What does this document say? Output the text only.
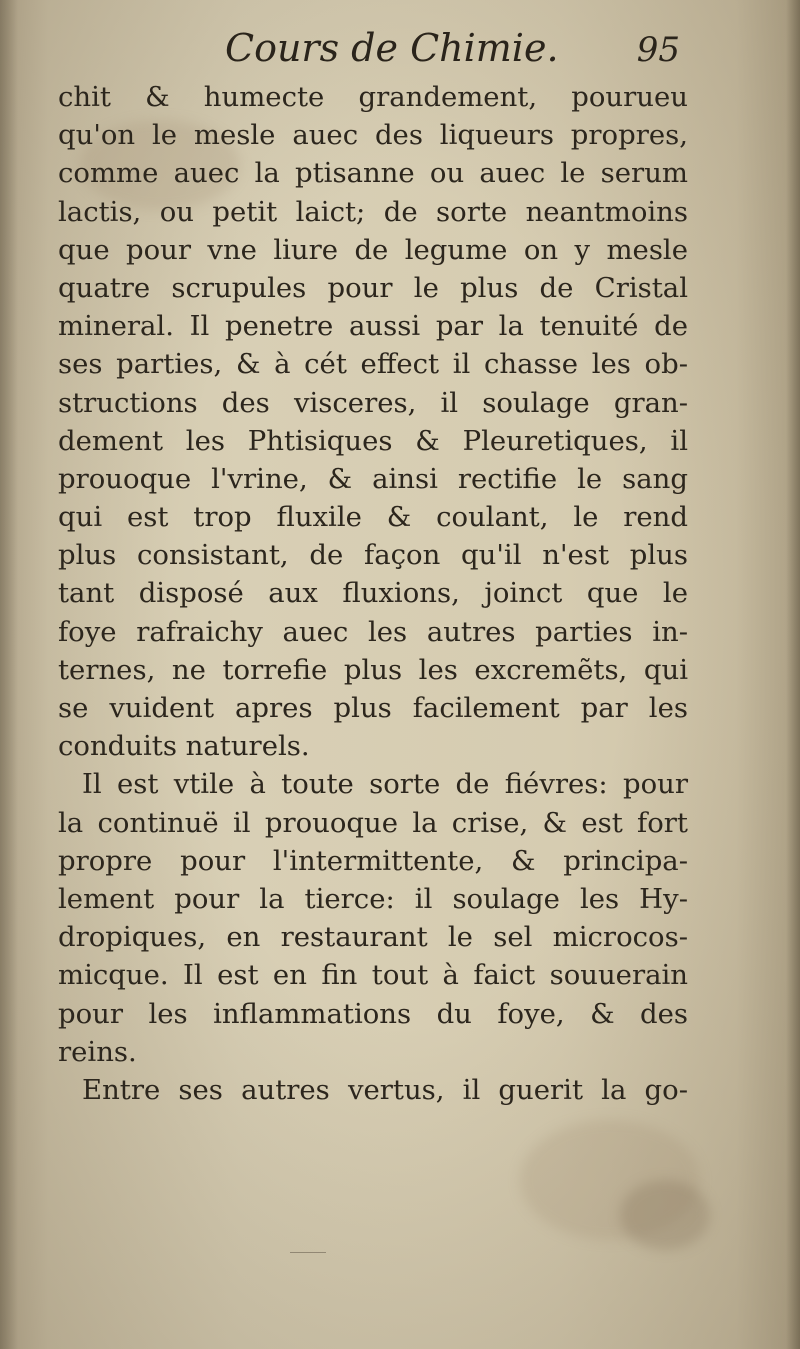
Cours de Chimie. 95
chit & humecte grandement, pourueu
qu'on le mesle auec des liqueurs propres,
comme auec la ptisanne ou auec le serum
lactis, ou petit laict; de sorte neantmoins
que pour vne liure de legume on y mesle
quatre scrupules pour le plus de Cristal
mineral. Il penetre aussi par la tenuité de
ses parties, & à cét effect il chasse les ob-
structions des visceres, il soulage gran-
dement les Phtisiques & Pleuretiques, il
prouoque l'vrine, & ainsi rectifie le sang
qui est trop fluxile & coulant, le rend
plus consistant, de façon qu'il n'est plus
tant disposé aux fluxions, joinct que le
foye rafraichy auec les autres parties in-
ternes, ne torrefie plus les excremẽts, qui
se vuident apres plus facilement par les
conduits naturels.
Il est vtile à toute sorte de fiévres: pour
la continuë il prouoque la crise, & est fort
propre pour l'intermittente, & principa-
lement pour la tierce: il soulage les Hy-
dropiques, en restaurant le sel microcos-
micque. Il est en fin tout à faict souuerain
pour les inflammations du foye, & des
reins.
Entre ses autres vertus, il guerit la go-
